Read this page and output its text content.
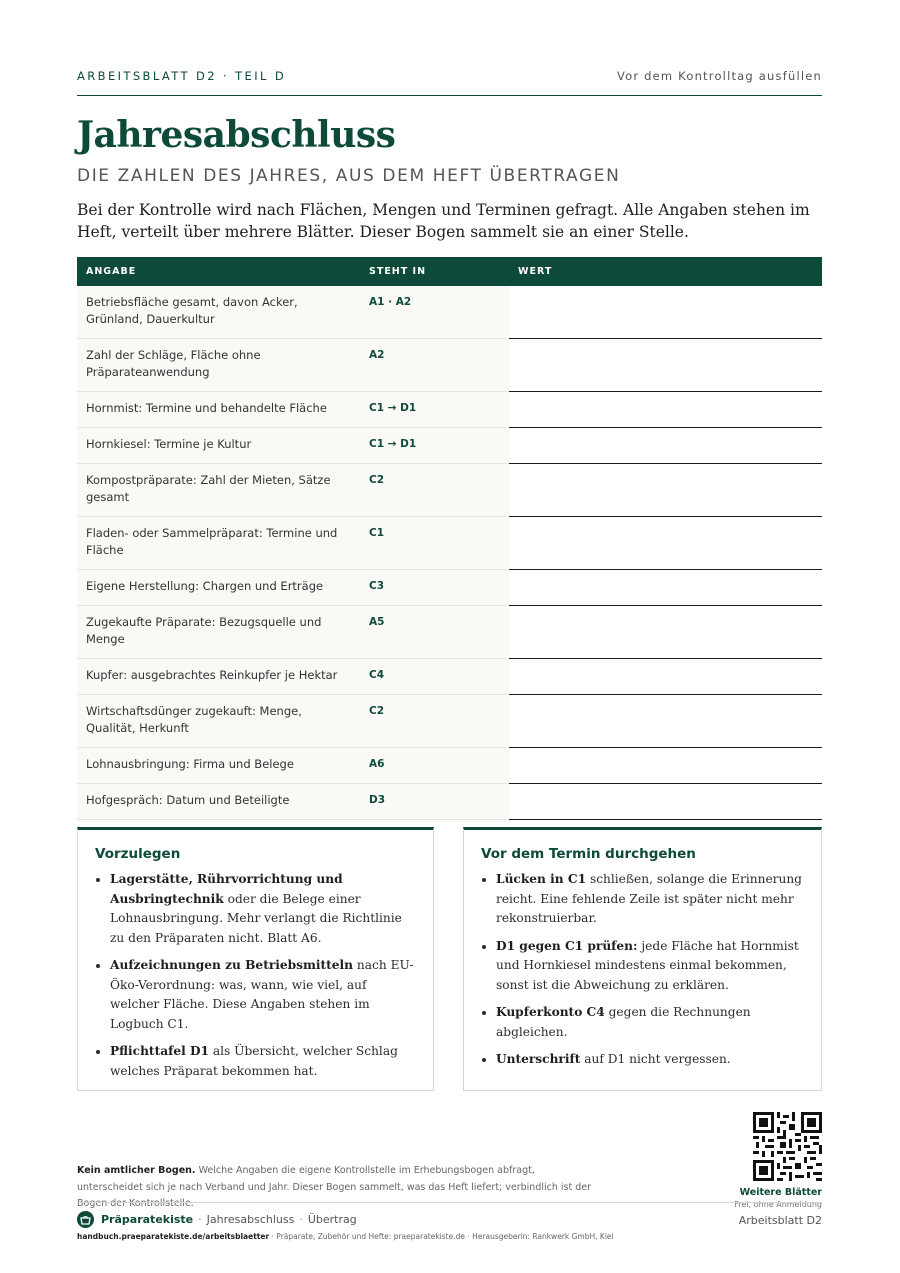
ARBEITSBLATT D2 · TEIL D	Vor dem Kontrolltag ausfüllen
Jahresabschluss
DIE ZAHLEN DES JAHRES, AUS DEM HEFT ÜBERTRAGEN

Bei der Kontrolle wird nach Flächen, Mengen und Terminen gefragt. Alle Angaben stehen im Heft, verteilt über mehrere Blätter. Dieser Bogen sammelt sie an einer Stelle.

ANGABE	STEHT IN	WERT
Betriebsfläche gesamt, davon Acker, Grünland, Dauerkultur	A1 · A2	
Zahl der Schläge, Fläche ohne Präparateanwendung	A2	
Hornmist: Termine und behandelte Fläche	C1 → D1	
Hornkiesel: Termine je Kultur	C1 → D1	
Kompostpräparate: Zahl der Mieten, Sätze gesamt	C2	
Fladen- oder Sammelpräparat: Termine und Fläche	C1	
Eigene Herstellung: Chargen und Erträge	C3	
Zugekaufte Präparate: Bezugsquelle und Menge	A5	
Kupfer: ausgebrachtes Reinkupfer je Hektar	C4	
Wirtschaftsdünger zugekauft: Menge, Qualität, Herkunft	C2	
Lohnausbringung: Firma und Belege	A6	
Hofgespräch: Datum und Beteiligte	D3	
Vorzulegen
Lagerstätte, Rührvorrichtung und Ausbringtechnik oder die Belege einer Lohnausbringung. Mehr verlangt die Richtlinie zu den Präparaten nicht. Blatt A6.
Aufzeichnungen zu Betriebsmitteln nach EU-Öko-Verordnung: was, wann, wie viel, auf welcher Fläche. Diese Angaben stehen im Logbuch C1.
Pflichttafel D1 als Übersicht, welcher Schlag welches Präparat bekommen hat.
Vor dem Termin durchgehen
Lücken in C1 schließen, solange die Erinnerung reicht. Eine fehlende Zeile ist später nicht mehr rekonstruierbar.
D1 gegen C1 prüfen: jede Fläche hat Hornmist und Hornkiesel mindestens einmal bekommen, sonst ist die Abweichung zu erklären.
Kupferkonto C4 gegen die Rechnungen abgleichen.
Unterschrift auf D1 nicht vergessen.
Weitere Blätter
Frei, ohne Anmeldung

Kein amtlicher Bogen. Welche Angaben die eigene Kontrollstelle im Erhebungsbogen abfragt, unterscheidet sich je nach Verband und Jahr. Dieser Bogen sammelt, was das Heft liefert; verbindlich ist der Bogen der Kontrollstelle.

Präparatekiste · Jahresabschluss · Übertrag	Arbeitsblatt D2
handbuch.praeparatekiste.de/arbeitsblaetter · Präparate, Zubehör und Hefte: praeparatekiste.de · Herausgeberin: Rankwerk GmbH, Kiel
